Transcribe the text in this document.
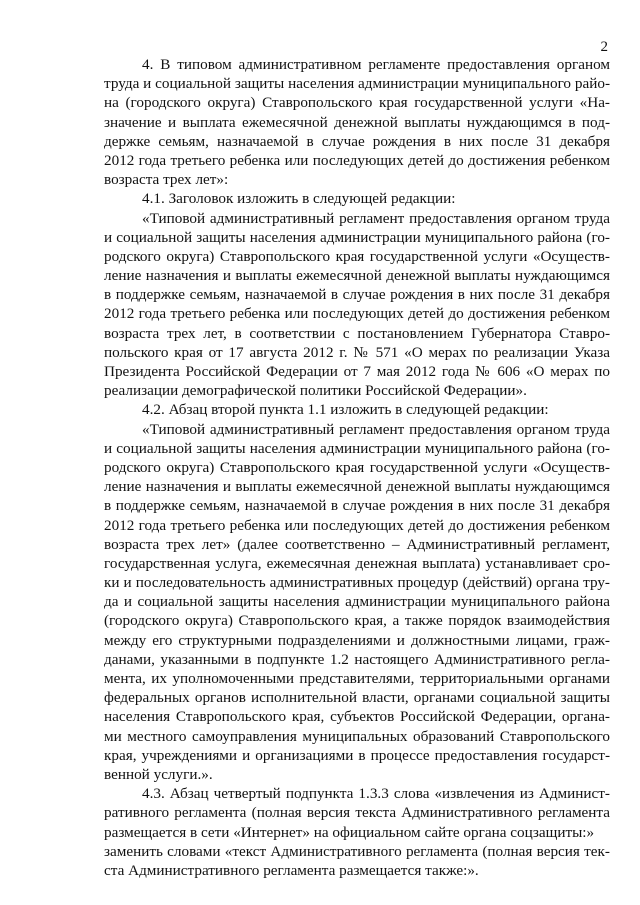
2
4. В типовом административном регламенте предоставления органом
труда и социальной защиты населения администрации муниципального райо-
на (городского округа) Ставропольского края государственной услуги «На-
значение и выплата ежемесячной денежной выплаты нуждающимся в под-
держке семьям, назначаемой в случае рождения в них после 31 декабря
2012 года третьего ребенка или последующих детей до достижения ребенком
возраста трех лет»:
4.1. Заголовок изложить в следующей редакции:
«Типовой административный регламент предоставления органом труда
и социальной защиты населения администрации муниципального района (го-
родского округа) Ставропольского края государственной услуги «Осуществ-
ление назначения и выплаты ежемесячной денежной выплаты нуждающимся
в поддержке семьям, назначаемой в случае рождения в них после 31 декабря
2012 года третьего ребенка или последующих детей до достижения ребенком
возраста трех лет, в соответствии с постановлением Губернатора Ставро-
польского края от 17 августа 2012 г. № 571 «О мерах по реализации Указа
Президента Российской Федерации от 7 мая 2012 года № 606 «О мерах по
реализации демографической политики Российской Федерации».
4.2. Абзац второй пункта 1.1 изложить в следующей редакции:
«Типовой административный регламент предоставления органом труда
и социальной защиты населения администрации муниципального района (го-
родского округа) Ставропольского края государственной услуги «Осуществ-
ление назначения и выплаты ежемесячной денежной выплаты нуждающимся
в поддержке семьям, назначаемой в случае рождения в них после 31 декабря
2012 года третьего ребенка или последующих детей до достижения ребенком
возраста трех лет» (далее соответственно – Административный регламент,
государственная услуга, ежемесячная денежная выплата) устанавливает сро-
ки и последовательность административных процедур (действий) органа тру-
да и социальной защиты населения администрации муниципального района
(городского округа) Ставропольского края, а также порядок взаимодействия
между его структурными подразделениями и должностными лицами, граж-
данами, указанными в подпункте 1.2 настоящего Административного регла-
мента, их уполномоченными представителями, территориальными органами
федеральных органов исполнительной власти, органами социальной защиты
населения Ставропольского края, субъектов Российской Федерации, органа-
ми местного самоуправления муниципальных образований Ставропольского
края, учреждениями и организациями в процессе предоставления государст-
венной услуги.».
4.3. Абзац четвертый подпункта 1.3.3 слова «извлечения из Админист-
ративного регламента (полная версия текста Административного регламента
размещается в сети «Интернет» на официальном сайте органа соцзащиты:»
заменить словами «текст Административного регламента (полная версия тек-
ста Административного регламента размещается также:».
